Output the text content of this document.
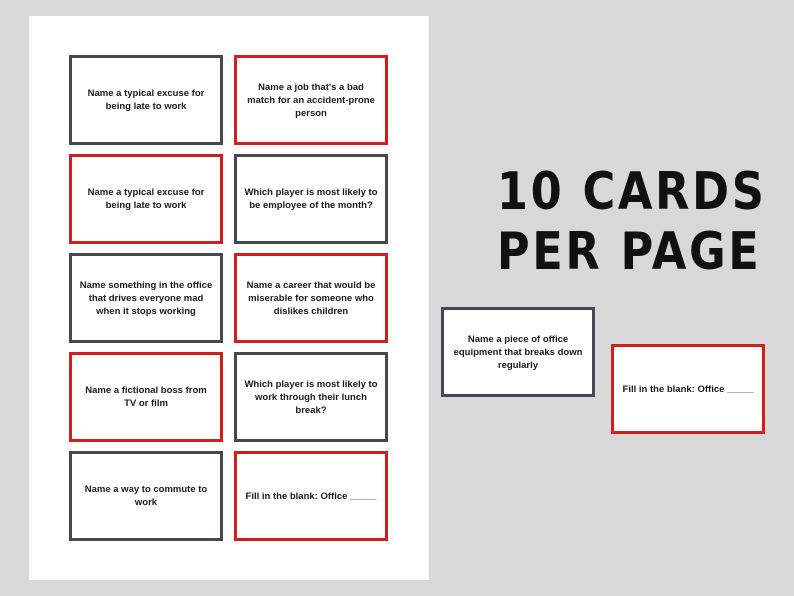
Name a typical excuse for being late to work
Name a job that's a bad match for an accident-prone person
Name a typical excuse for being late to work
Which player is most likely to be employee of the month?
Name something in the office that drives everyone mad when it stops working
Name a career that would be miserable for someone who dislikes children
Name a fictional boss from TV or film
Which player is most likely to work through their lunch break?
Name a way to commute to work
Fill in the blank: Office _____
10 CARDS
PER PAGE
Name a piece of office equipment that breaks down regularly
Fill in the blank: Office _____
